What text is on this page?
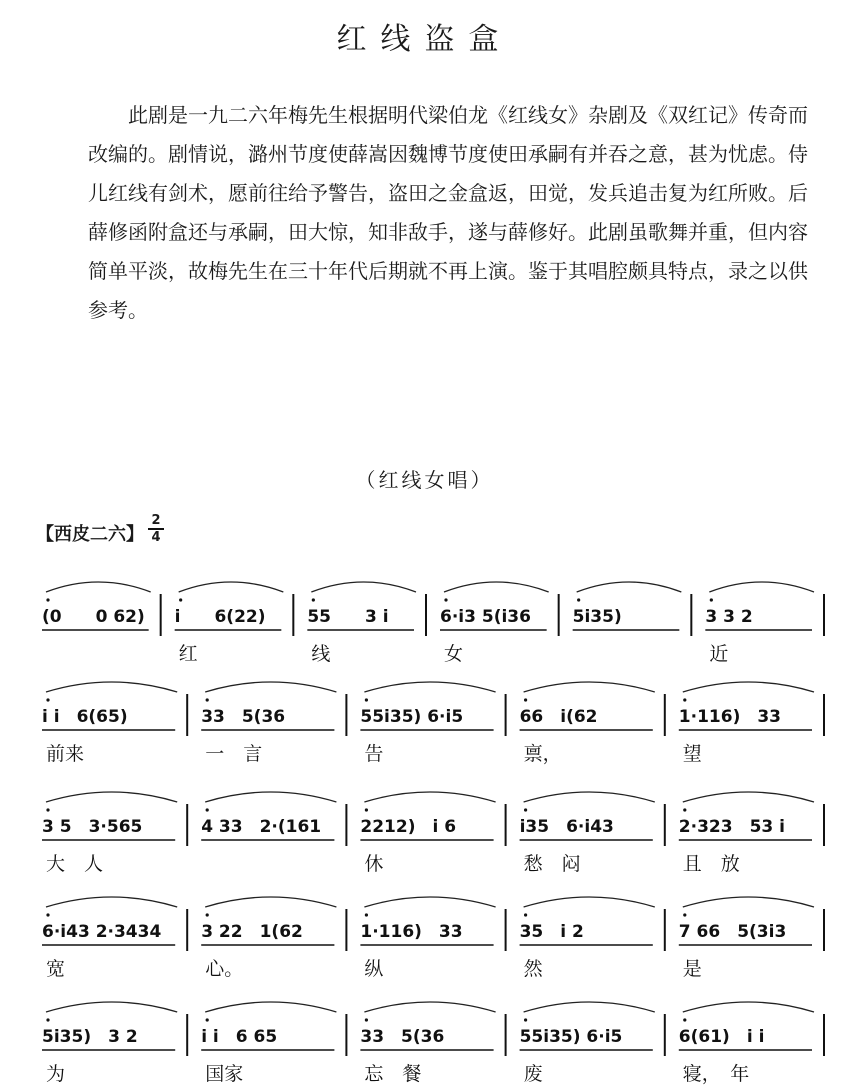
红线盗盒

此剧是一九二六年梅先生根据明代梁伯龙《红线女》杂剧及《双红记》传奇而改编的。剧情说，潞州节度使薛嵩因魏博节度使田承嗣有并吞之意，甚为忧虑。侍儿红线有剑术，愿前往给予警告，盗田之金盒返，田觉，发兵追击复为红所败。后薛修函附盒还与承嗣，田大惊，知非敌手，遂与薛修好。此剧虽歌舞并重，但内容简单平淡，故梅先生在三十年代后期就不再上演。鉴于其唱腔颇具特点，录之以供参考。

（红线女唱）
【西皮二六】
2
4
(0　　0 62) i　　6(22)
红
55　　3 i
线
6·i3 5(i36
女
5i35)	3 3 2
近
i i　6(65)
前来
33　5(36
一　言
55i35) 6·i5
告
66　i(62
禀，
1·116)　33
望
3 5　3·565
大　人
4 33　2·(161 2212)　i 6
休
i35　6·i43
愁　闷
2·323　53 i
且　放
6·i43 2·3434
宽
3 22　1(62
心。
1·116)　33
纵
35　i 2
然
7 66　5(3i3
是
5i35)　3 2
为
i i　6 65
国家
33　5(36
忘　餐
55i35) 6·i5
废
6(61)　i i
寝，　年
